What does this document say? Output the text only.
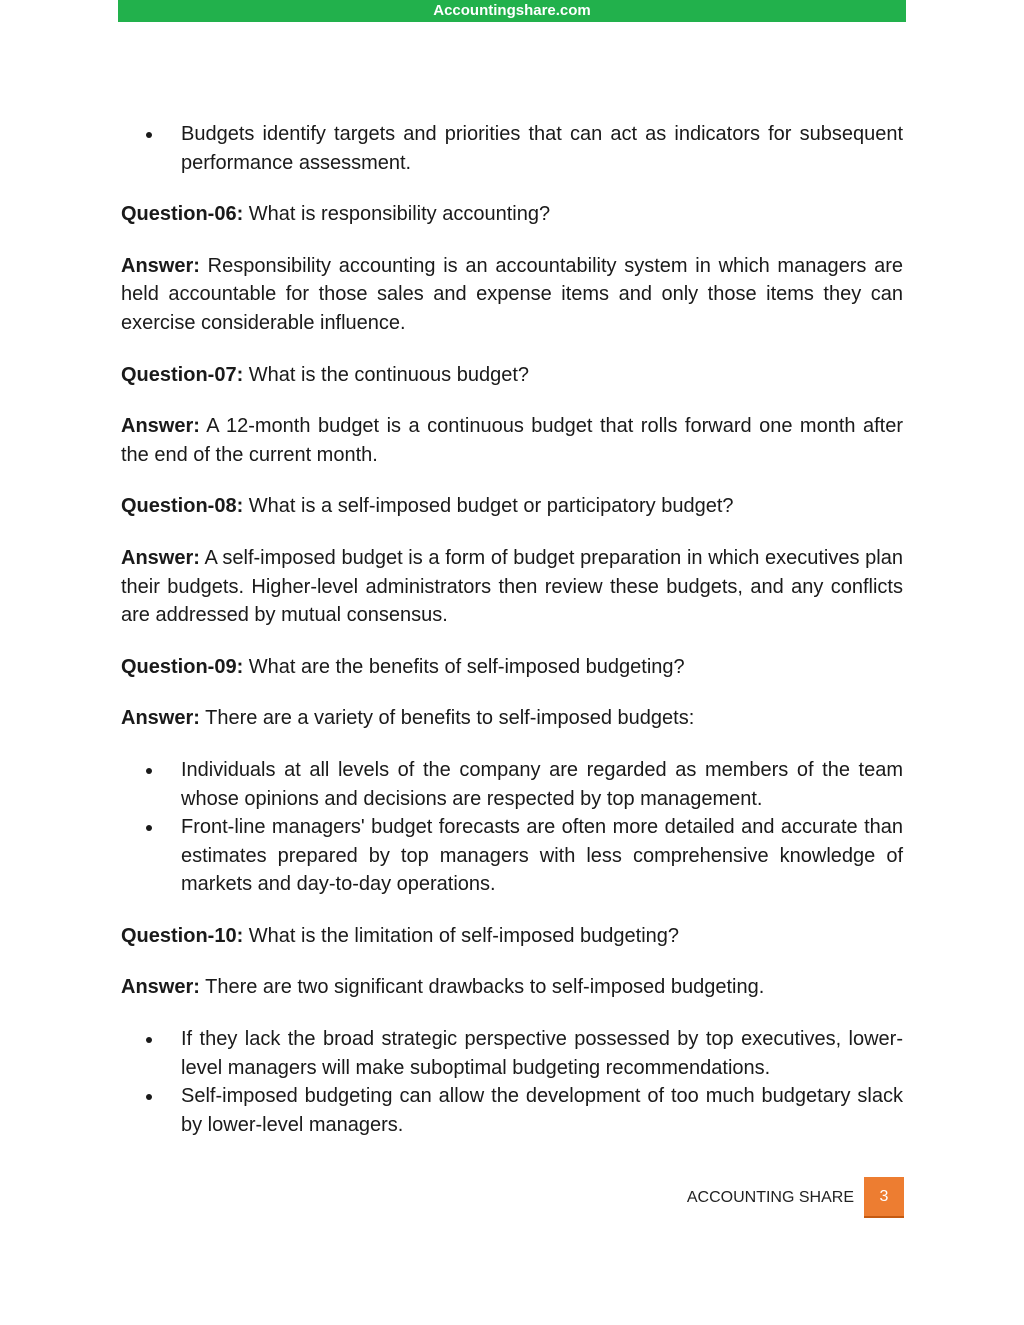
Accountingshare.com
Budgets identify targets and priorities that can act as indicators for subsequent performance assessment.

Question-06: What is responsibility accounting?

Answer: Responsibility accounting is an accountability system in which managers are held accountable for those sales and expense items and only those items they can exercise considerable influence.

Question-07: What is the continuous budget?

Answer: A 12-month budget is a continuous budget that rolls forward one month after the end of the current month.

Question-08: What is a self-imposed budget or participatory budget?

Answer: A self-imposed budget is a form of budget preparation in which executives plan their budgets. Higher-level administrators then review these budgets, and any conflicts are addressed by mutual consensus.

Question-09: What are the benefits of self-imposed budgeting?

Answer: There are a variety of benefits to self-imposed budgets:

Individuals at all levels of the company are regarded as members of the team whose opinions and decisions are respected by top management.
Front-line managers' budget forecasts are often more detailed and accurate than estimates prepared by top managers with less comprehensive knowledge of markets and day-to-day operations.

Question-10: What is the limitation of self-imposed budgeting?

Answer: There are two significant drawbacks to self-imposed budgeting.

If they lack the broad strategic perspective possessed by top executives, lower-level managers will make suboptimal budgeting recommendations.
Self-imposed budgeting can allow the development of too much budgetary slack by lower-level managers.
ACCOUNTING SHARE	3
